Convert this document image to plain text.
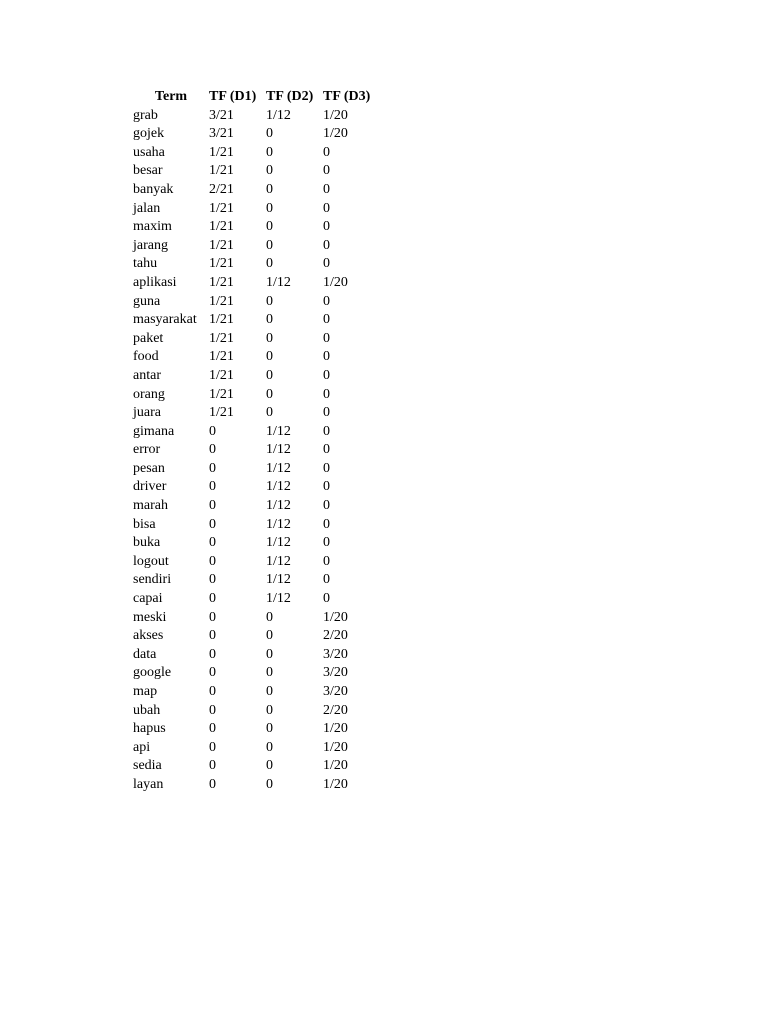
Term	TF (D1)	TF (D2)	TF (D3)
grab	3/21	1/12	1/20
gojek	3/21	0	1/20
usaha	1/21	0	0
besar	1/21	0	0
banyak	2/21	0	0
jalan	1/21	0	0
maxim	1/21	0	0
jarang	1/21	0	0
tahu	1/21	0	0
aplikasi	1/21	1/12	1/20
guna	1/21	0	0
masyarakat	1/21	0	0
paket	1/21	0	0
food	1/21	0	0
antar	1/21	0	0
orang	1/21	0	0
juara	1/21	0	0
gimana	0	1/12	0
error	0	1/12	0
pesan	0	1/12	0
driver	0	1/12	0
marah	0	1/12	0
bisa	0	1/12	0
buka	0	1/12	0
logout	0	1/12	0
sendiri	0	1/12	0
capai	0	1/12	0
meski	0	0	1/20
akses	0	0	2/20
data	0	0	3/20
google	0	0	3/20
map	0	0	3/20
ubah	0	0	2/20
hapus	0	0	1/20
api	0	0	1/20
sedia	0	0	1/20
layan	0	0	1/20
